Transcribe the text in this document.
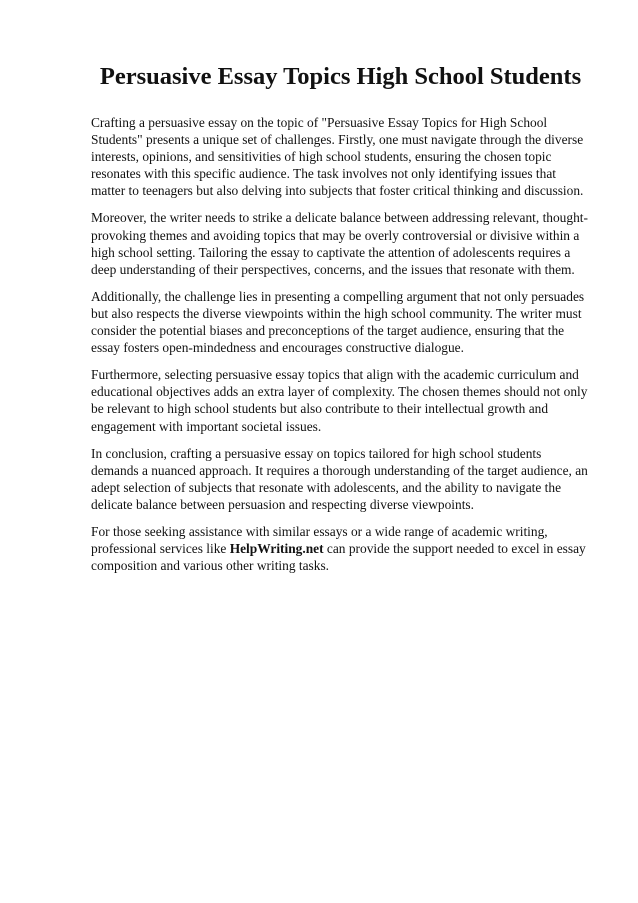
Persuasive Essay Topics High School Students

Crafting a persuasive essay on the topic of "Persuasive Essay Topics for High School Students" presents a unique set of challenges. Firstly, one must navigate through the diverse interests, opinions, and sensitivities of high school students, ensuring the chosen topic resonates with this specific audience. The task involves not only identifying issues that matter to teenagers but also delving into subjects that foster critical thinking and discussion.

Moreover, the writer needs to strike a delicate balance between addressing relevant, thought-provoking themes and avoiding topics that may be overly controversial or divisive within a high school setting. Tailoring the essay to captivate the attention of adolescents requires a deep understanding of their perspectives, concerns, and the issues that resonate with them.

Additionally, the challenge lies in presenting a compelling argument that not only persuades but also respects the diverse viewpoints within the high school community. The writer must consider the potential biases and preconceptions of the target audience, ensuring that the essay fosters open-mindedness and encourages constructive dialogue.

Furthermore, selecting persuasive essay topics that align with the academic curriculum and educational objectives adds an extra layer of complexity. The chosen themes should not only be relevant to high school students but also contribute to their intellectual growth and engagement with important societal issues.

In conclusion, crafting a persuasive essay on topics tailored for high school students demands a nuanced approach. It requires a thorough understanding of the target audience, an adept selection of subjects that resonate with adolescents, and the ability to navigate the delicate balance between persuasion and respecting diverse viewpoints.

For those seeking assistance with similar essays or a wide range of academic writing, professional services like HelpWriting.net can provide the support needed to excel in essay composition and various other writing tasks.
